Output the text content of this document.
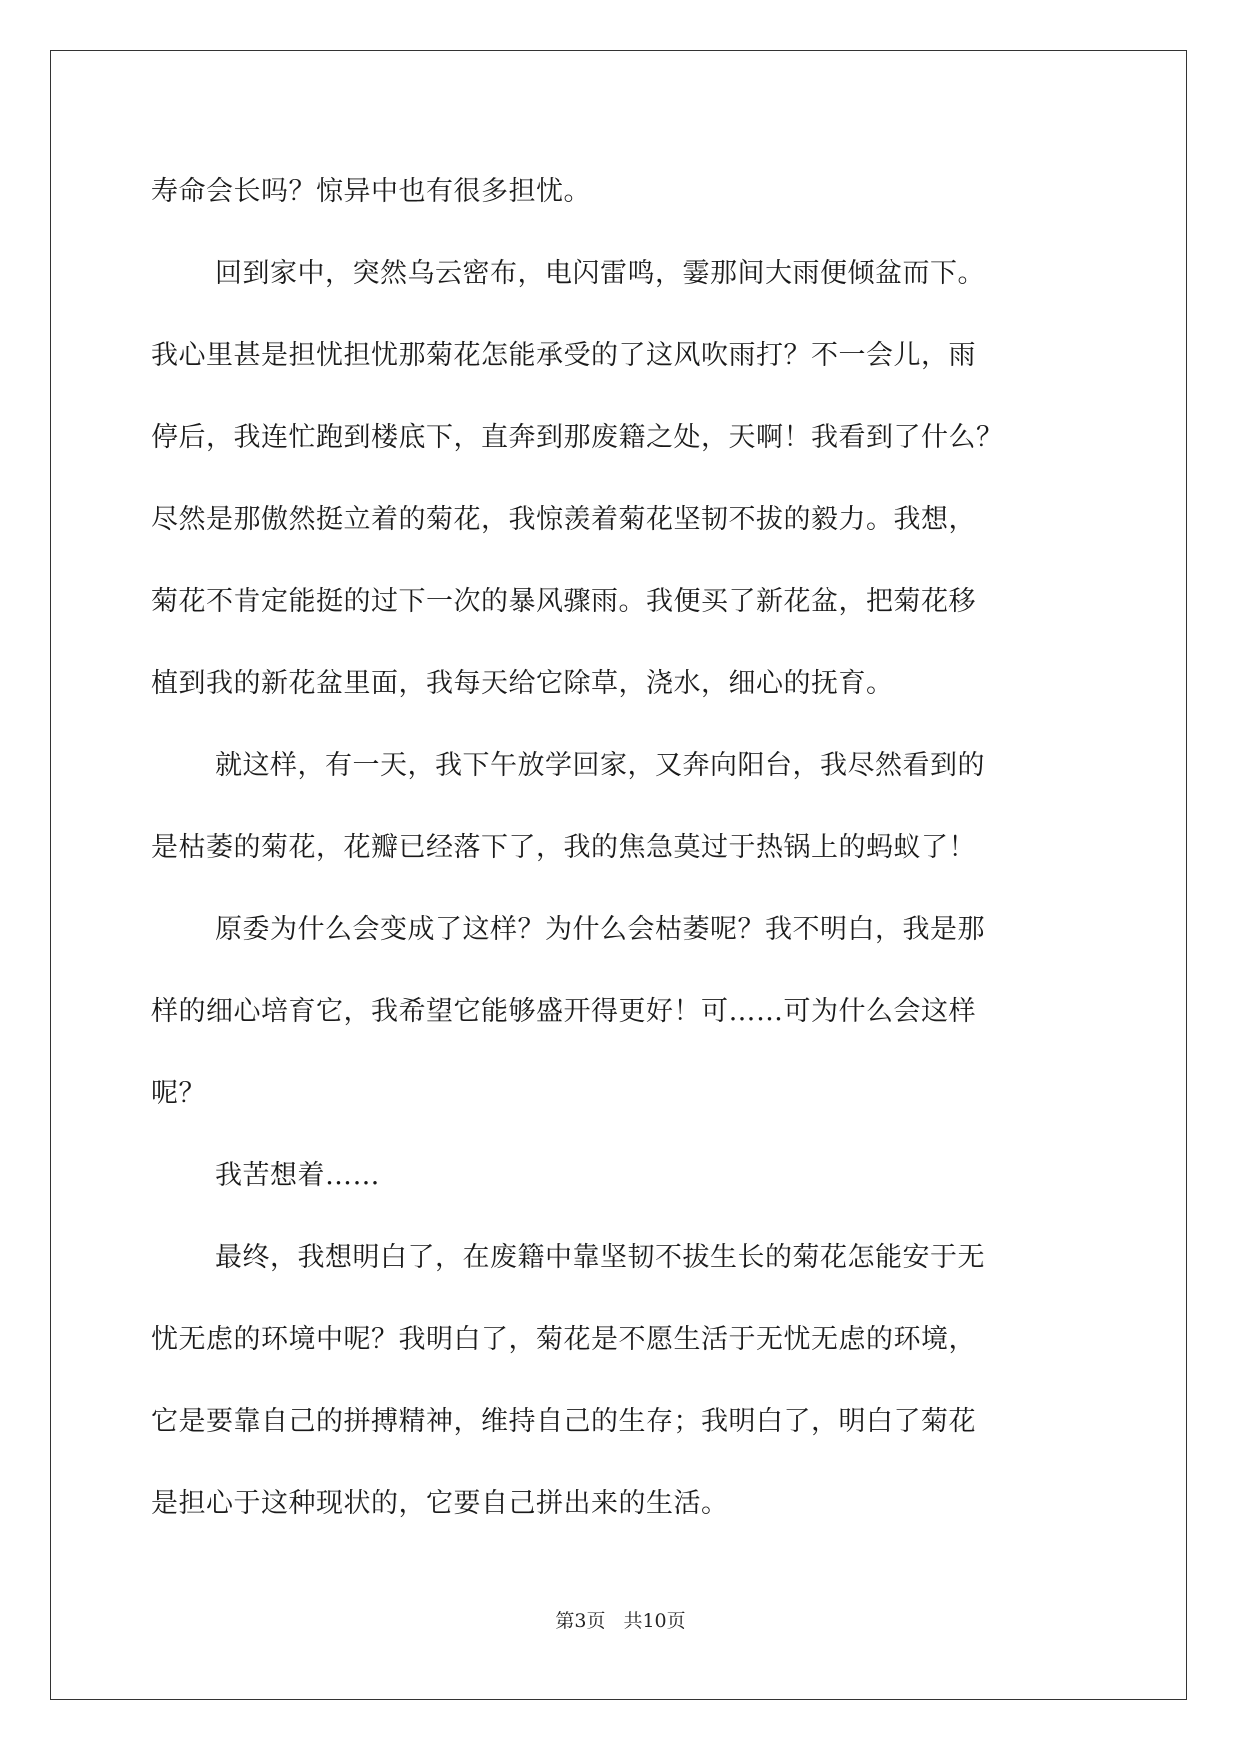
寿命会长吗？惊异中也有很多担忧。
回到家中，突然乌云密布，电闪雷鸣，霎那间大雨便倾盆而下。
我心里甚是担忧担忧那菊花怎能承受的了这风吹雨打？不一会儿，雨
停后，我连忙跑到楼底下，直奔到那废籍之处，天啊！我看到了什么？
尽然是那傲然挺立着的菊花，我惊羡着菊花坚韧不拔的毅力。我想，
菊花不肯定能挺的过下一次的暴风骤雨。我便买了新花盆，把菊花移
植到我的新花盆里面，我每天给它除草，浇水，细心的抚育。
就这样，有一天，我下午放学回家，又奔向阳台，我尽然看到的
是枯萎的菊花，花瓣已经落下了，我的焦急莫过于热锅上的蚂蚁了！
原委为什么会变成了这样？为什么会枯萎呢？我不明白，我是那
样的细心培育它，我希望它能够盛开得更好！可……可为什么会这样
呢？
我苦想着……
最终，我想明白了，在废籍中靠坚韧不拔生长的菊花怎能安于无
忧无虑的环境中呢？我明白了，菊花是不愿生活于无忧无虑的环境，
它是要靠自己的拼搏精神，维持自己的生存；我明白了，明白了菊花
是担心于这种现状的，它要自己拼出来的生活。
第3页 共10页
